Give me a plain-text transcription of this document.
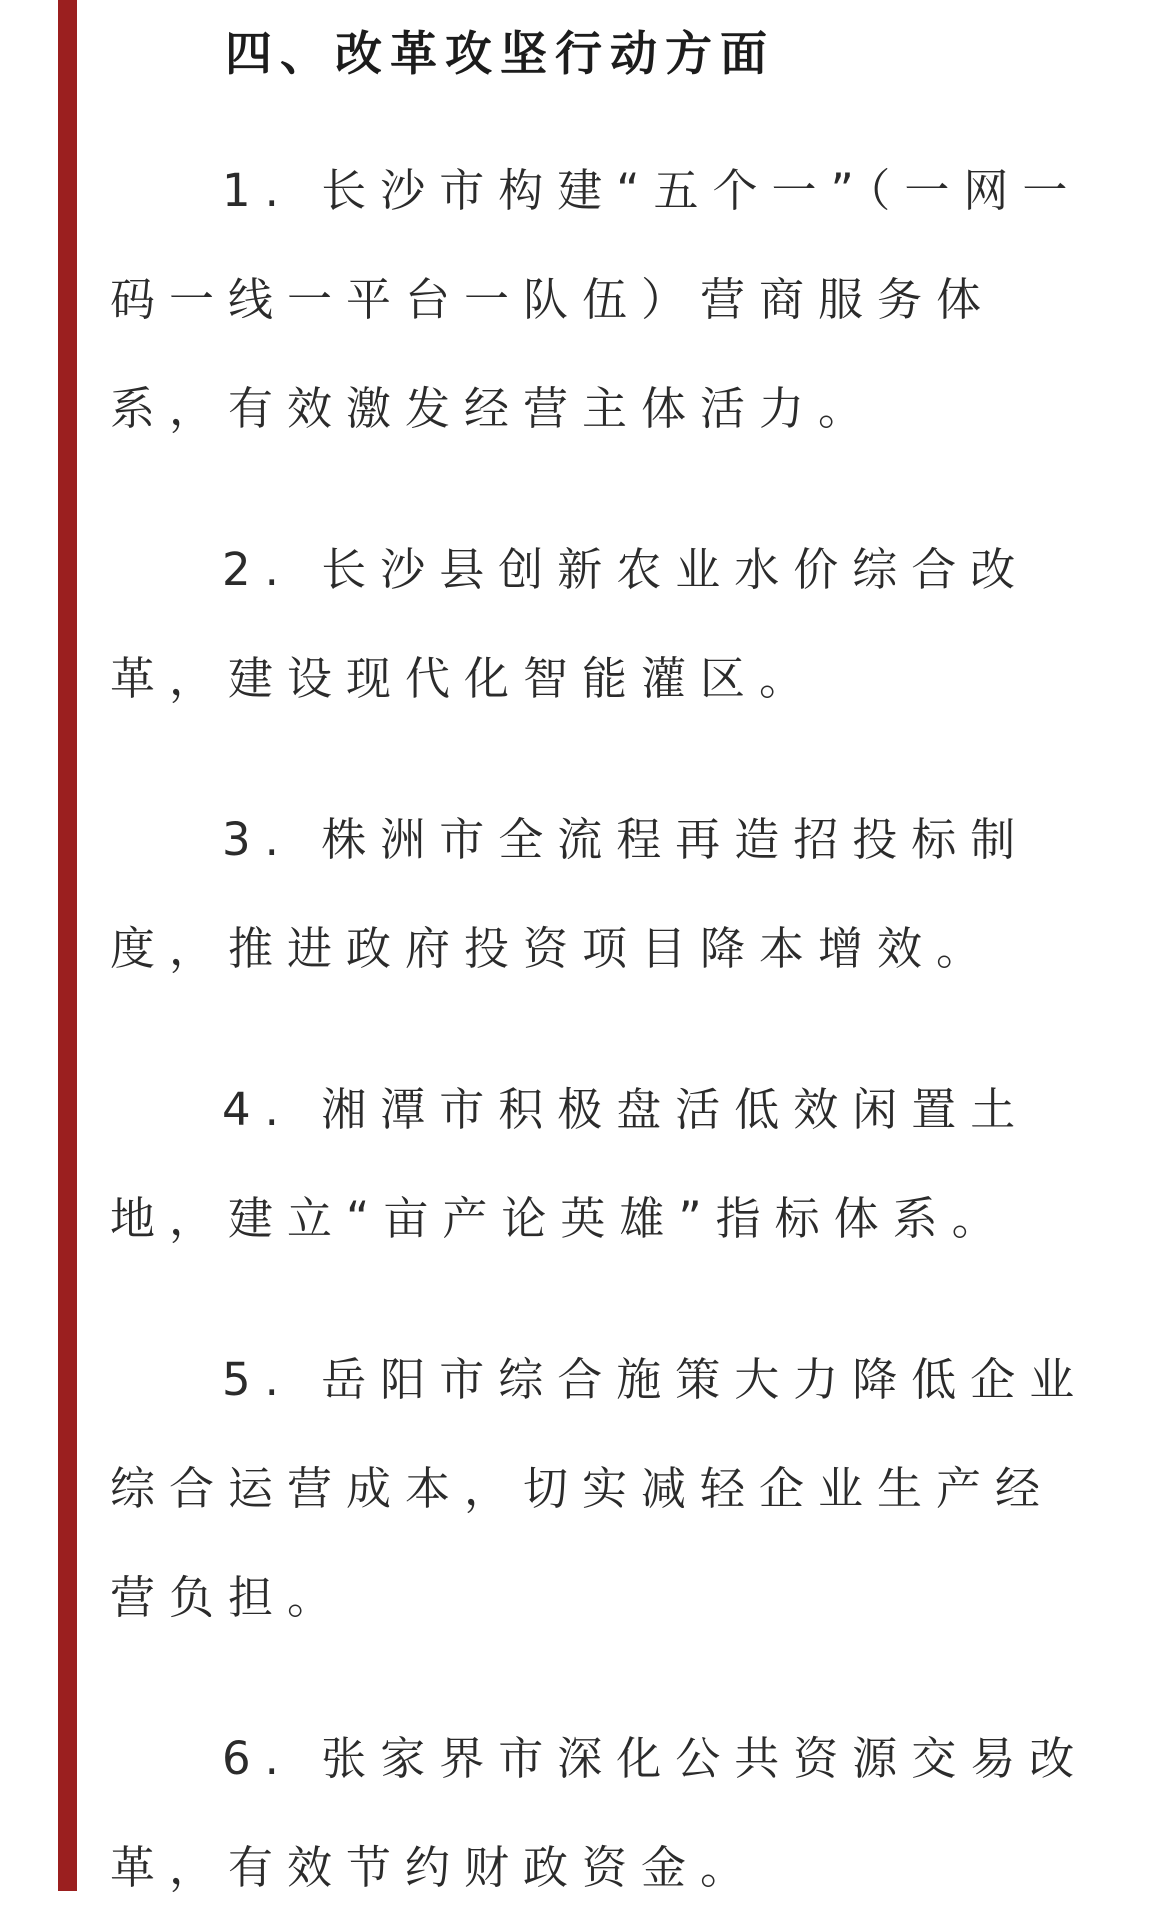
四、改革攻坚行动方面
1. 长沙市构建“五个一”（一网一
码一线一平台一队伍）营商服务体
系，有效激发经营主体活力。
2. 长沙县创新农业水价综合改
革，建设现代化智能灌区。
3. 株洲市全流程再造招投标制
度，推进政府投资项目降本增效。
4. 湘潭市积极盘活低效闲置土
地，建立“亩产论英雄”指标体系。
5. 岳阳市综合施策大力降低企业
综合运营成本，切实减轻企业生产经
营负担。
6. 张家界市深化公共资源交易改
革，有效节约财政资金。
